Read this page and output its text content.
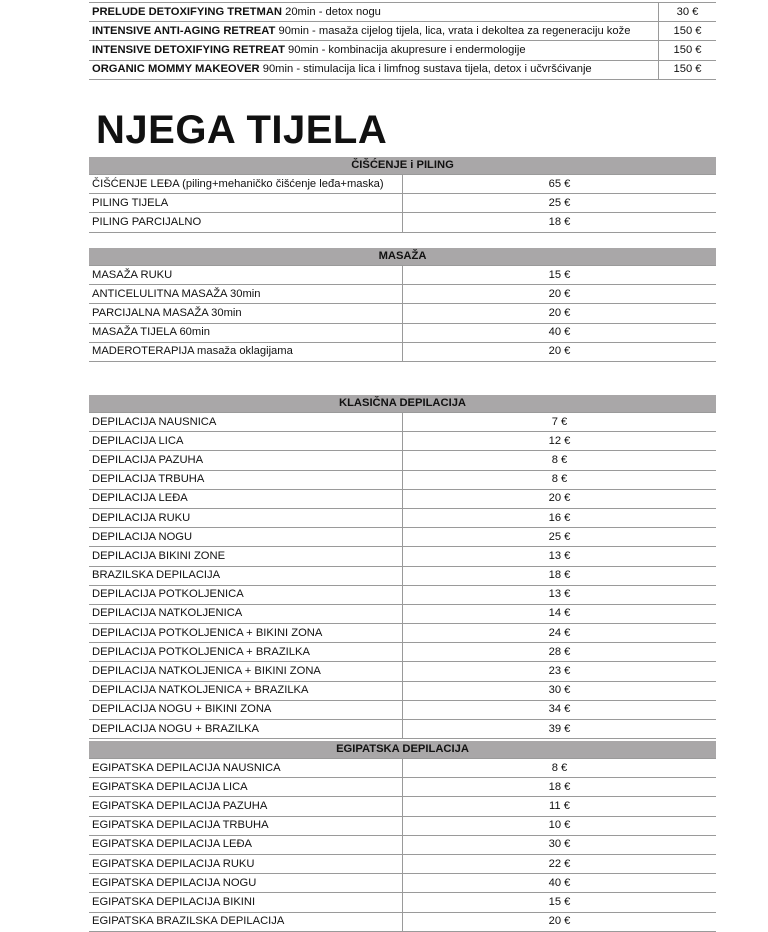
PRELUDE DETOXIFYING TRETMAN 20min - detox nogu	30 €
INTENSIVE ANTI-AGING RETREAT 90min - masaža cijelog tijela, lica, vrata i dekoltea za regeneraciju kože	150 €
INTENSIVE DETOXIFYING RETREAT 90min - kombinacija akupresure i endermologije	150 €
ORGANIC MOMMY MAKEOVER 90min - stimulacija lica i limfnog sustava tijela, detox i učvršćivanje	150 €
NJEGA TIJELA
ČIŠĆENJE i PILING	
ČIŠĆENJE LEĐA (piling+mehaničko čišćenje leđa+maska)	65 €
PILING TIJELA	25 €
PILING PARCIJALNO	18 €
MASAŽA	
MASAŽA RUKU	15 €
ANTICELULITNA MASAŽA 30min	20 €
PARCIJALNA MASAŽA 30min	20 €
MASAŽA TIJELA 60min	40 €
MADEROTERAPIJA masaža oklagijama	20 €
KLASIČNA DEPILACIJA	
DEPILACIJA NAUSNICA	7 €
DEPILACIJA LICA	12 €
DEPILACIJA PAZUHA	8 €
DEPILACIJA TRBUHA	8 €
DEPILACIJA LEĐA	20 €
DEPILACIJA RUKU	16 €
DEPILACIJA NOGU	25 €
DEPILACIJA BIKINI ZONE	13 €
BRAZILSKA DEPILACIJA	18 €
DEPILACIJA POTKOLJENICA	13 €
DEPILACIJA NATKOLJENICA	14 €
DEPILACIJA POTKOLJENICA + BIKINI ZONA	24 €
DEPILACIJA POTKOLJENICA + BRAZILKA	28 €
DEPILACIJA NATKOLJENICA + BIKINI ZONA	23 €
DEPILACIJA NATKOLJENICA + BRAZILKA	30 €
DEPILACIJA NOGU + BIKINI ZONA	34 €
DEPILACIJA NOGU + BRAZILKA	39 €
EGIPATSKA DEPILACIJA	
EGIPATSKA DEPILACIJA NAUSNICA	8 €
EGIPATSKA DEPILACIJA LICA	18 €
EGIPATSKA DEPILACIJA PAZUHA	11 €
EGIPATSKA DEPILACIJA TRBUHA	10 €
EGIPATSKA DEPILACIJA LEĐA	30 €
EGIPATSKA DEPILACIJA RUKU	22 €
EGIPATSKA DEPILACIJA NOGU	40 €
EGIPATSKA DEPILACIJA BIKINI	15 €
EGIPATSKA BRAZILSKA DEPILACIJA	20 €
